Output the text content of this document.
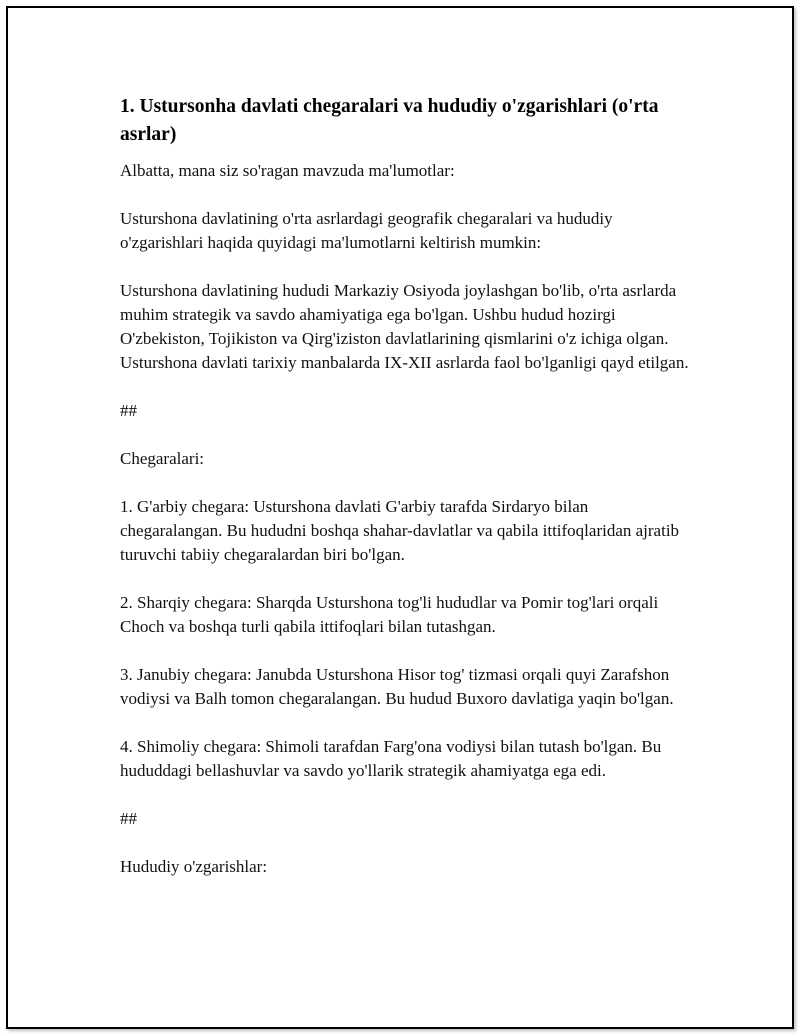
1. Ustursonha davlati chegaralari va hududiy o'zgarishlari (o'rta asrlar)

Albatta, mana siz so'ragan mavzuda ma'lumotlar:

Usturshona davlatining o'rta asrlardagi geografik chegaralari va hududiy o'zgarishlari haqida quyidagi ma'lumotlarni keltirish mumkin:

Usturshona davlatining hududi Markaziy Osiyoda joylashgan bo'lib, o'rta asrlarda muhim strategik va savdo ahamiyatiga ega bo'lgan. Ushbu hudud hozirgi O'zbekiston, Tojikiston va Qirg'iziston davlatlarining qismlarini o'z ichiga olgan. Usturshona davlati tarixiy manbalarda IX-XII asrlarda faol bo'lganligi qayd etilgan.

##

Chegaralari:

1. G'arbiy chegara: Usturshona davlati G'arbiy tarafda Sirdaryo bilan chegaralangan. Bu hududni boshqa shahar-davlatlar va qabila ittifoqlaridan ajratib turuvchi tabiiy chegaralardan biri bo'lgan.

2. Sharqiy chegara: Sharqda Usturshona tog'li hududlar va Pomir tog'lari orqali Choch va boshqa turli qabila ittifoqlari bilan tutashgan.

3. Janubiy chegara: Janubda Usturshona Hisor tog' tizmasi orqali quyi Zarafshon vodiysi va Balh tomon chegaralangan. Bu hudud Buxoro davlatiga yaqin bo'lgan.

4. Shimoliy chegara: Shimoli tarafdan Farg'ona vodiysi bilan tutash bo'lgan. Bu hududdagi bellashuvlar va savdo yo'llarik strategik ahamiyatga ega edi.

##

Hududiy o'zgarishlar:
